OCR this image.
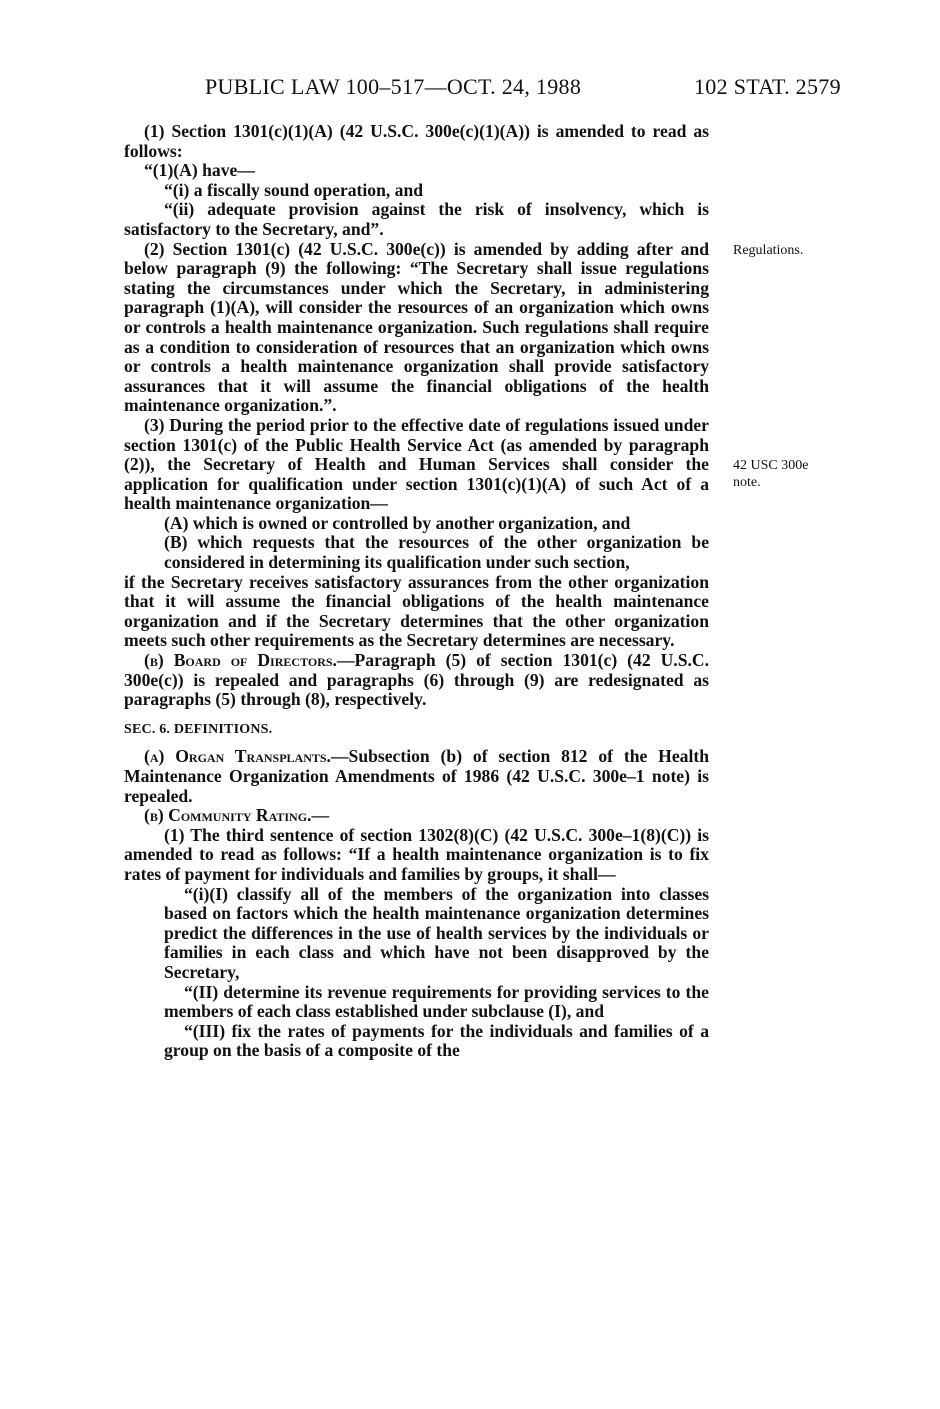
PUBLIC LAW 100–517—OCT. 24, 1988	102 STAT. 2579
Regulations.
42 USC 300e
note.

(1) Section 1301(c)(1)(A) (42 U.S.C. 300e(c)(1)(A)) is amended to read as follows:

“(1)(A) have—

“(i) a fiscally sound operation, and

“(ii) adequate provision against the risk of insolvency, which is satisfactory to the Secretary, and”.

(2) Section 1301(c) (42 U.S.C. 300e(c)) is amended by adding after and below paragraph (9) the following: “The Secretary shall issue regulations stating the circumstances under which the Secretary, in administering paragraph (1)(A), will consider the resources of an organization which owns or controls a health maintenance organization. Such regulations shall require as a condition to consideration of resources that an organization which owns or controls a health maintenance organization shall provide satisfactory assurances that it will assume the financial obligations of the health maintenance organization.”.

(3) During the period prior to the effective date of regulations issued under section 1301(c) of the Public Health Service Act (as amended by paragraph (2)), the Secretary of Health and Human Services shall consider the application for qualification under section 1301(c)(1)(A) of such Act of a health maintenance organization—

(A) which is owned or controlled by another organization, and

(B) which requests that the resources of the other organization be considered in determining its qualification under such section,

if the Secretary receives satisfactory assurances from the other organization that it will assume the financial obligations of the health maintenance organization and if the Secretary determines that the other organization meets such other requirements as the Secretary determines are necessary.

(b) Board of Directors.—Paragraph (5) of section 1301(c) (42 U.S.C. 300e(c)) is repealed and paragraphs (6) through (9) are redesignated as paragraphs (5) through (8), respectively.

SEC. 6. DEFINITIONS.

(a) Organ Transplants.—Subsection (b) of section 812 of the Health Maintenance Organization Amendments of 1986 (42 U.S.C. 300e–1 note) is repealed.

(b) Community Rating.—

(1) The third sentence of section 1302(8)(C) (42 U.S.C. 300e–1(8)(C)) is amended to read as follows: “If a health maintenance organization is to fix rates of payment for individuals and families by groups, it shall—

“(i)(I) classify all of the members of the organization into classes based on factors which the health maintenance organization determines predict the differences in the use of health services by the individuals or families in each class and which have not been disapproved by the Secretary,

“(II) determine its revenue requirements for providing services to the members of each class established under subclause (I), and

“(III) fix the rates of payments for the individuals and families of a group on the basis of a composite of the
